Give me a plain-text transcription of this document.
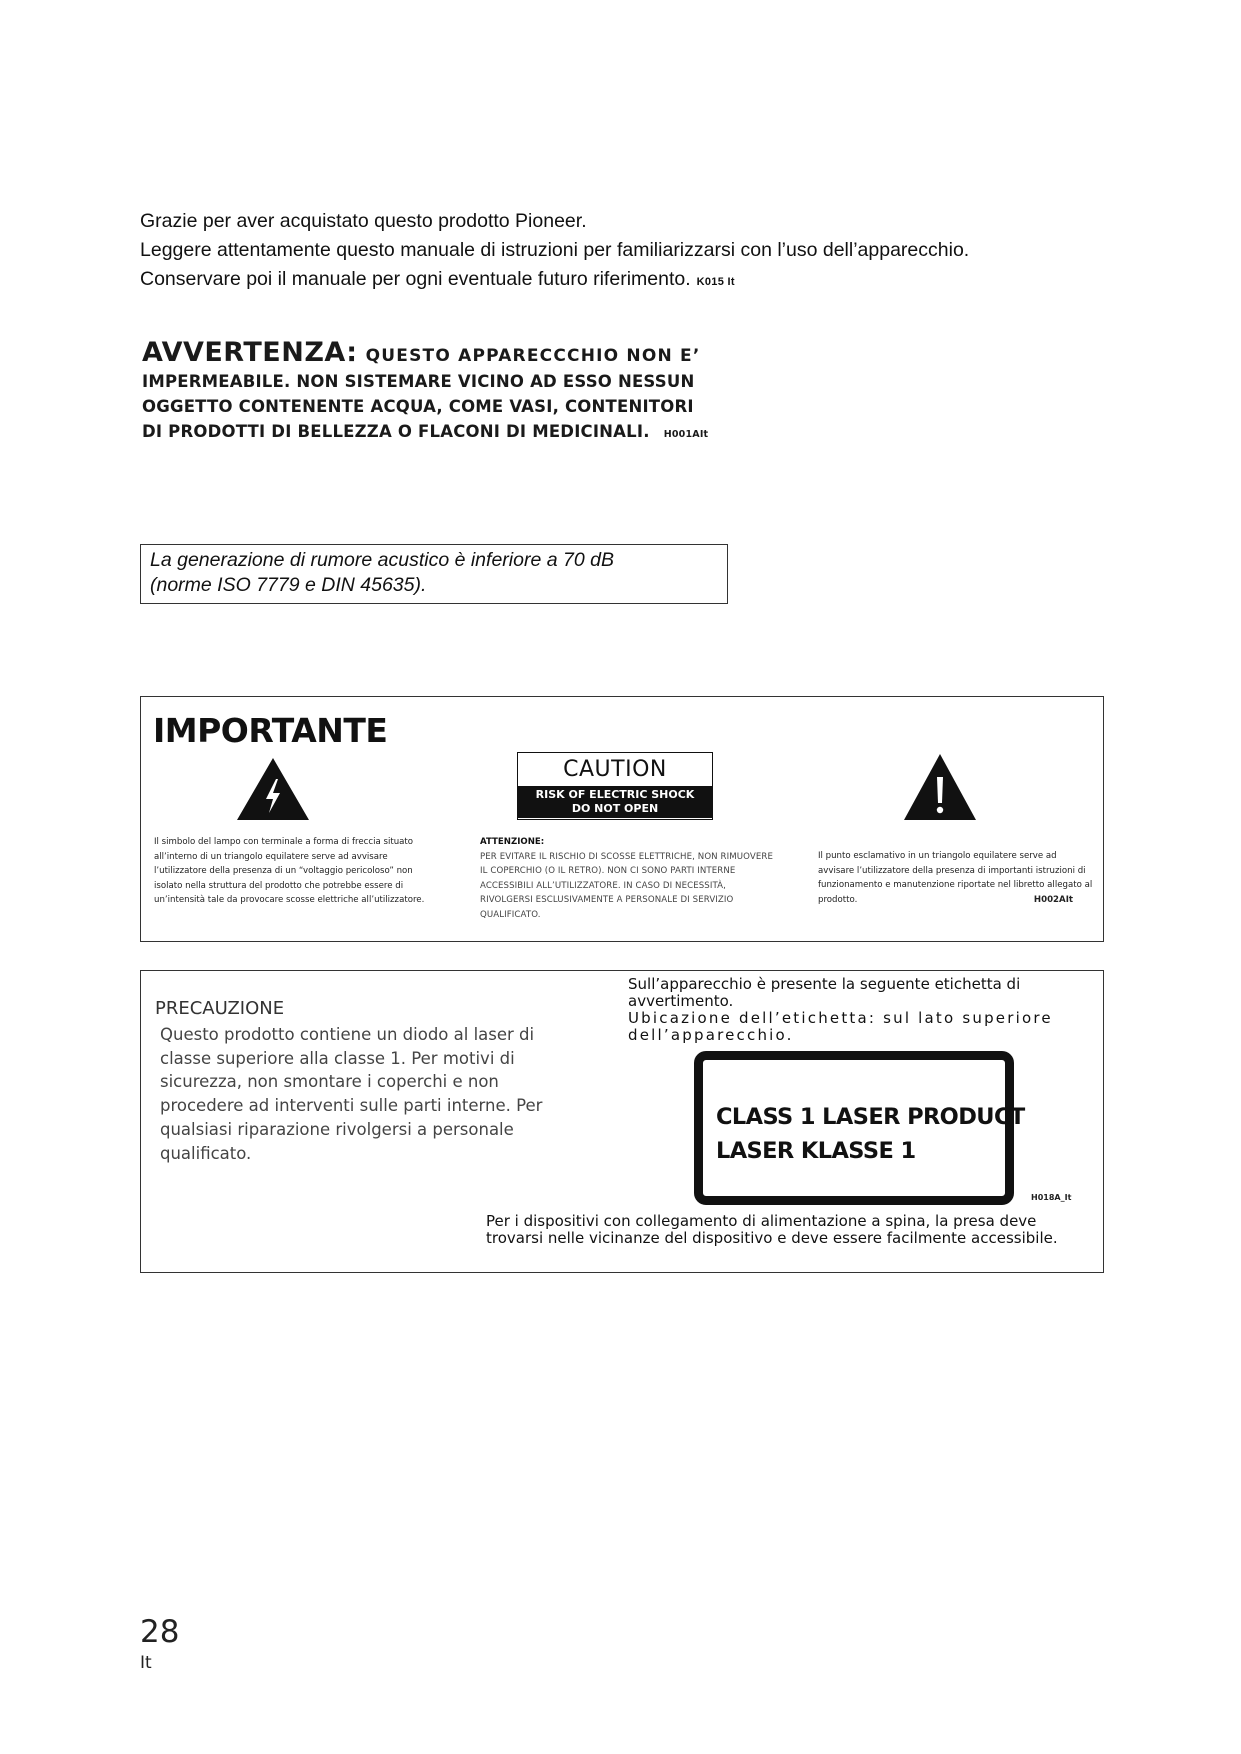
Grazie per aver acquistato questo prodotto Pioneer.
Leggere attentamente questo manuale di istruzioni per familiarizzarsi con l’uso dell’apparecchio.
Conservare poi il manuale per ogni eventuale futuro riferimento. K015 It
AVVERTENZA: QUESTO APPARECCCHIO NON E’
IMPERMEABILE. NON SISTEMARE VICINO AD ESSO NESSUN
OGGETTO CONTENENTE ACQUA, COME VASI, CONTENITORI
DI PRODOTTI DI BELLEZZA O FLACONI DI MEDICINALI. H001AIt
La generazione di rumore acustico è inferiore a 70 dB
(norme ISO 7779 e DIN 45635).
IMPORTANTE
CAUTION
RISK OF ELECTRIC SHOCK
DO NOT OPEN
Il simbolo del lampo con terminale a forma di freccia situato all’interno di un triangolo equilatere serve ad avvisare l’utilizzatore della presenza di un “voltaggio pericoloso” non isolato nella struttura del prodotto che potrebbe essere di un’intensità tale da provocare scosse elettriche all’utilizzatore.
ATTENZIONE:
PER EVITARE IL RISCHIO DI SCOSSE ELETTRICHE, NON RIMUOVERE IL COPERCHIO (O IL RETRO). NON CI SONO PARTI INTERNE ACCESSIBILI ALL’UTILIZZATORE. IN CASO DI NECESSITÀ, RIVOLGERSI ESCLUSIVAMENTE A PERSONALE DI SERVIZIO QUALIFICATO.
Il punto esclamativo in un triangolo equilatere serve ad avvisare l’utilizzatore della presenza di importanti istruzioni di funzionamento e manutenzione riportate nel libretto allegato al prodotto.	H002AIt
PRECAUZIONE
Questo prodotto contiene un diodo al laser di classe superiore alla classe 1. Per motivi di sicurezza, non smontare i coperchi e non procedere ad interventi sulle parti interne. Per qualsiasi riparazione rivolgersi a personale qualificato.
Sull’apparecchio è presente la seguente etichetta di avvertimento.
Ubicazione dell’etichetta: sul lato superiore dell’apparecchio.
CLASS 1 LASER PRODUCT
LASER KLASSE 1
H018A_It
Per i dispositivi con collegamento di alimentazione a spina, la presa deve trovarsi nelle vicinanze del dispositivo e deve essere facilmente accessibile.
28
It
